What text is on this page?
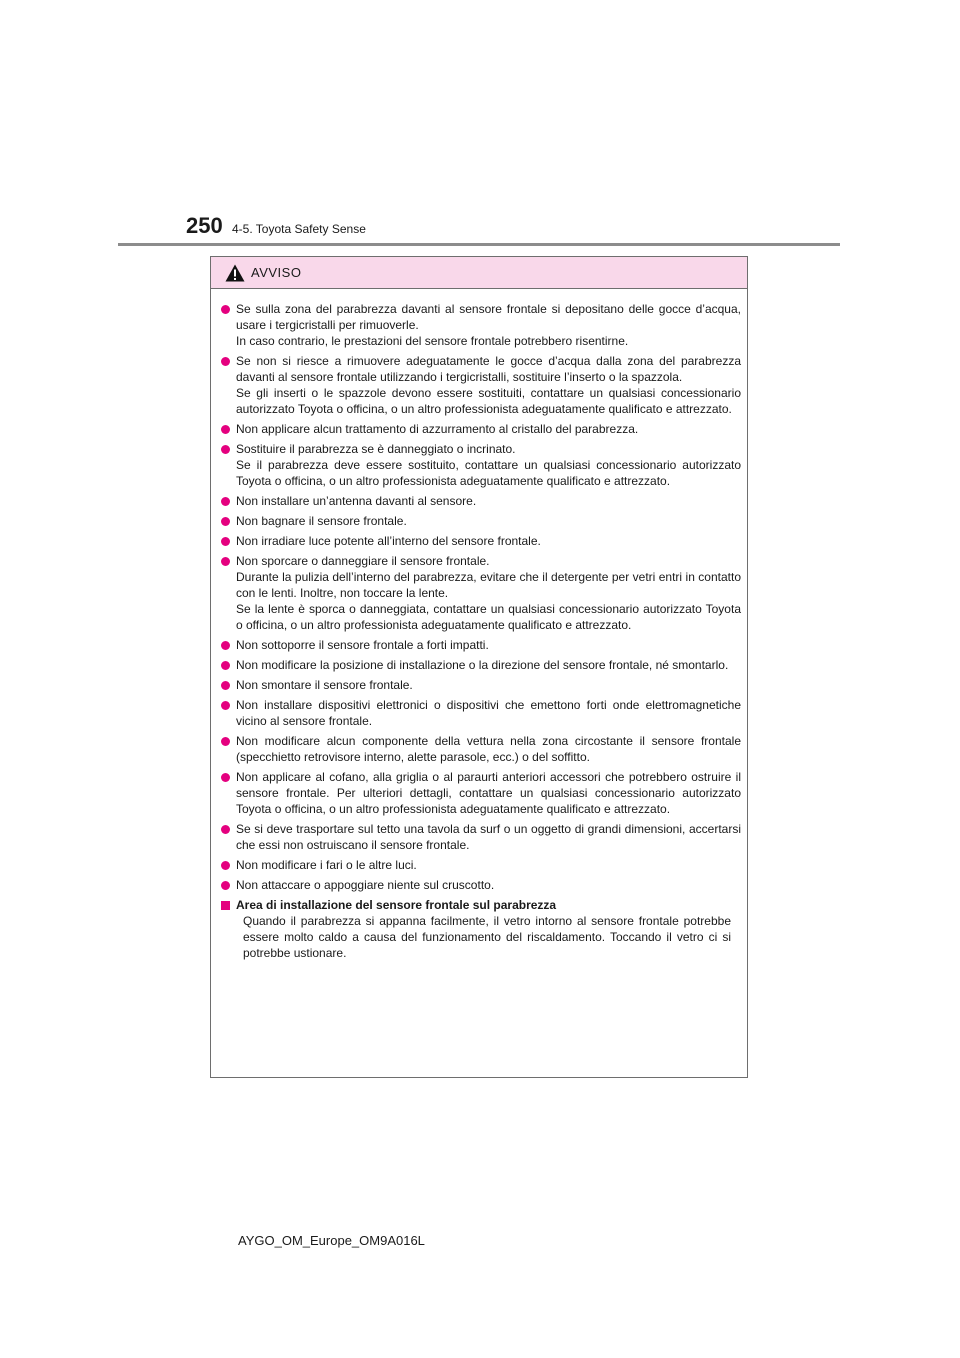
250 4-5. Toyota Safety Sense
AVVISO

Se sulla zona del parabrezza davanti al sensore frontale si depositano delle gocce d’acqua, usare i tergicristalli per rimuoverle.

In caso contrario, le prestazioni del sensore frontale potrebbero risentirne.

Se non si riesce a rimuovere adeguatamente le gocce d’acqua dalla zona del parabrezza davanti al sensore frontale utilizzando i tergicristalli, sostituire l’inserto o la spazzola.

Se gli inserti o le spazzole devono essere sostituiti, contattare un qualsiasi concessionario autorizzato Toyota o officina, o un altro professionista adeguatamente qualificato e attrezzato.

Non applicare alcun trattamento di azzurramento al cristallo del parabrezza.

Sostituire il parabrezza se è danneggiato o incrinato.

Se il parabrezza deve essere sostituito, contattare un qualsiasi concessionario autorizzato Toyota o officina, o un altro professionista adeguatamente qualificato e attrezzato.

Non installare un’antenna davanti al sensore.

Non bagnare il sensore frontale.

Non irradiare luce potente all’interno del sensore frontale.

Non sporcare o danneggiare il sensore frontale.

Durante la pulizia dell’interno del parabrezza, evitare che il detergente per vetri entri in contatto con le lenti. Inoltre, non toccare la lente.

Se la lente è sporca o danneggiata, contattare un qualsiasi concessionario autorizzato Toyota o officina, o un altro professionista adeguatamente qualificato e attrezzato.

Non sottoporre il sensore frontale a forti impatti.

Non modificare la posizione di installazione o la direzione del sensore frontale, né smontarlo.

Non smontare il sensore frontale.

Non installare dispositivi elettronici o dispositivi che emettono forti onde elettromagnetiche vicino al sensore frontale.

Non modificare alcun componente della vettura nella zona circostante il sensore frontale (specchietto retrovisore interno, alette parasole, ecc.) o del soffitto.

Non applicare al cofano, alla griglia o al paraurti anteriori accessori che potrebbero ostruire il sensore frontale. Per ulteriori dettagli, contattare un qualsiasi concessionario autorizzato Toyota o officina, o un altro professionista adeguatamente qualificato e attrezzato.

Se si deve trasportare sul tetto una tavola da surf o un oggetto di grandi dimensioni, accertarsi che essi non ostruiscano il sensore frontale.

Non modificare i fari o le altre luci.

Non attaccare o appoggiare niente sul cruscotto.

Area di installazione del sensore frontale sul parabrezza

Quando il parabrezza si appanna facilmente, il vetro intorno al sensore frontale potrebbe essere molto caldo a causa del funzionamento del riscaldamento. Toccando il vetro ci si potrebbe ustionare.

AYGO_OM_Europe_OM9A016L
